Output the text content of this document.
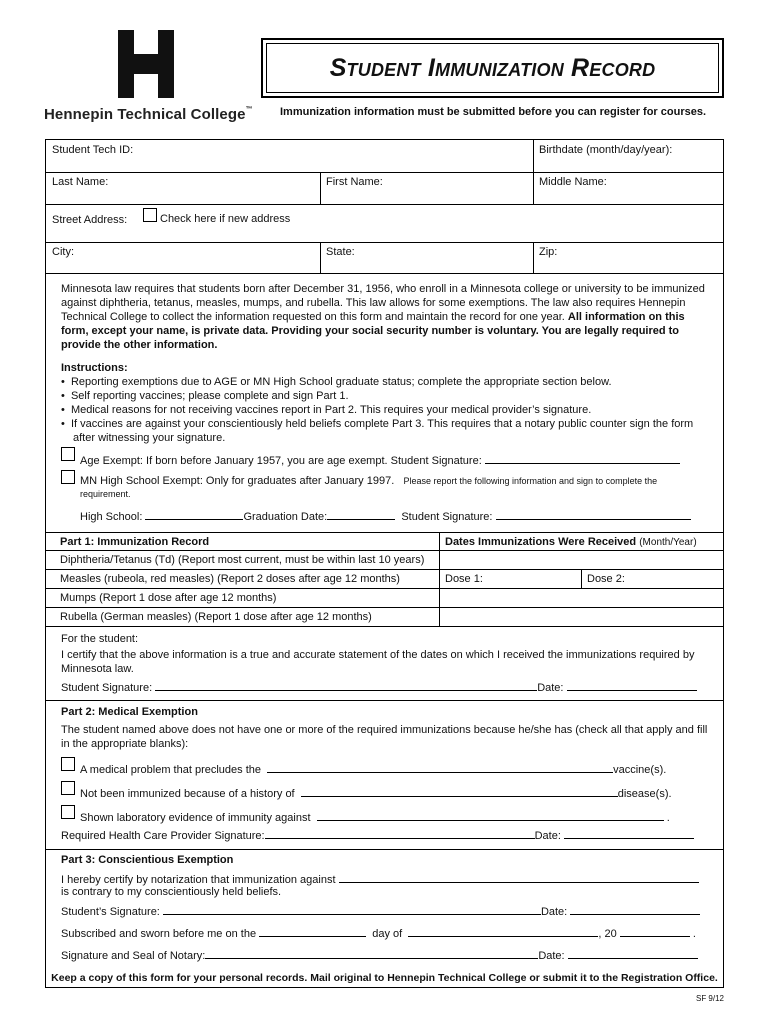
Hennepin Technical College™
Student Immunization Record
Immunization information must be submitted before you can register for courses.
Student Tech ID:	Birthdate (month/day/year):
Last Name:	First Name:	Middle Name:
Street Address:	Check here if new address
City:	State:	Zip:
Minnesota law requires that students born after December 31, 1956, who enroll in a Minnesota college or university to be immunized against diphtheria, tetanus, measles, mumps, and rubella. This law allows for some exemptions. The law also requires Hennepin Technical College to collect the information requested on this form and maintain the record for one year. All information on this form, except your name, is private data. Providing your social security number is voluntary. You are legally required to provide the other information.
Instructions:
•  Reporting exemptions due to AGE or MN High School graduate status; complete the appropriate section below.
•  Self reporting vaccines; please complete and sign Part 1.
•  Medical reasons for not receiving vaccines report in Part 2. This requires your medical provider’s signature.
•  If vaccines are against your conscientiously held beliefs complete Part 3. This requires that a notary public counter sign the form after witnessing your signature.
Age Exempt: If born before January 1957, you are age exempt. Student Signature:
MN High School Exempt: Only for graduates after January 1997. Please report the following information and sign to complete the
requirement.
High School:	Graduation Date:	Student Signature:
Part 1: Immunization Record	Dates Immunizations Were Received (Month/Year)
Diphtheria/Tetanus (Td) (Report most current, must be within last 10 years)
Measles (rubeola, red measles) (Report 2 doses after age 12 months)	Dose 1:	Dose 2:
Mumps (Report 1 dose after age 12 months)
Rubella (German measles) (Report 1 dose after age 12 months)
For the student:
I certify that the above information is a true and accurate statement of the dates on which I received the immunizations required by Minnesota law.
Student Signature:	Date:
Part 2: Medical Exemption
The student named above does not have one or more of the required immunizations because he/she has (check all that apply and fill in the appropriate blanks):
A medical problem that precludes the	vaccine(s).
Not been immunized because of a history of	disease(s).
Shown laboratory evidence of immunity against	.
Required Health Care Provider Signature:	Date:
Part 3: Conscientious Exemption
I hereby certify by notarization that immunization against
is contrary to my conscientiously held beliefs.
Student’s Signature:	Date:
Subscribed and sworn before me on the	day of	, 20	.
Signature and Seal of Notary:	Date:
Keep a copy of this form for your personal records. Mail original to Hennepin Technical College or submit it to the Registration Office.
SF 9/12
